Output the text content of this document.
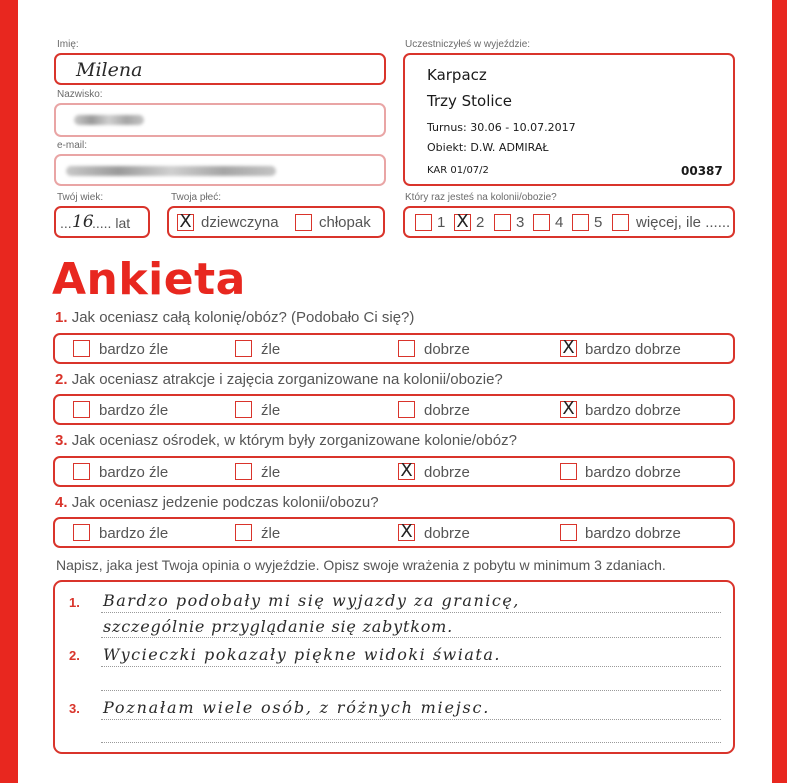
Imię:
Milena
Nazwisko:
e-mail:
Twój wiek:
... 16
..... lat
Twoja płeć:
X dziewczyna	chłopak
Uczestniczyłeś w wyjeździe:
Karpacz
Trzy Stolice
Turnus: 30.06 - 10.07.2017
Obiekt: D.W. ADMIRAŁ
KAR 01/07/2	00387
Który raz jesteś na kolonii/obozie?
1 X 2 3 4 5 więcej, ile ......
Ankieta
1. Jak oceniasz całą kolonię/obóz? (Podobało Ci się?)
bardzo źle	źle	dobrze	X bardzo dobrze
2. Jak oceniasz atrakcje i zajęcia zorganizowane na kolonii/obozie?
bardzo źle	źle	dobrze	X bardzo dobrze
3. Jak oceniasz ośrodek, w którym były zorganizowane kolonie/obóz?
bardzo źle	źle	X dobrze	bardzo dobrze
4. Jak oceniasz jedzenie podczas kolonii/obozu?
bardzo źle	źle	X dobrze	bardzo dobrze
Napisz, jaka jest Twoja opinia o wyjeździe. Opisz swoje wrażenia z pobytu w minimum 3 zdaniach.
1. Bardzo podobały mi się wyjazdy za granicę,
szczególnie przyglądanie się zabytkom.
2. Wycieczki pokazały piękne widoki świata.
3. Poznałam wiele osób, z różnych miejsc.
